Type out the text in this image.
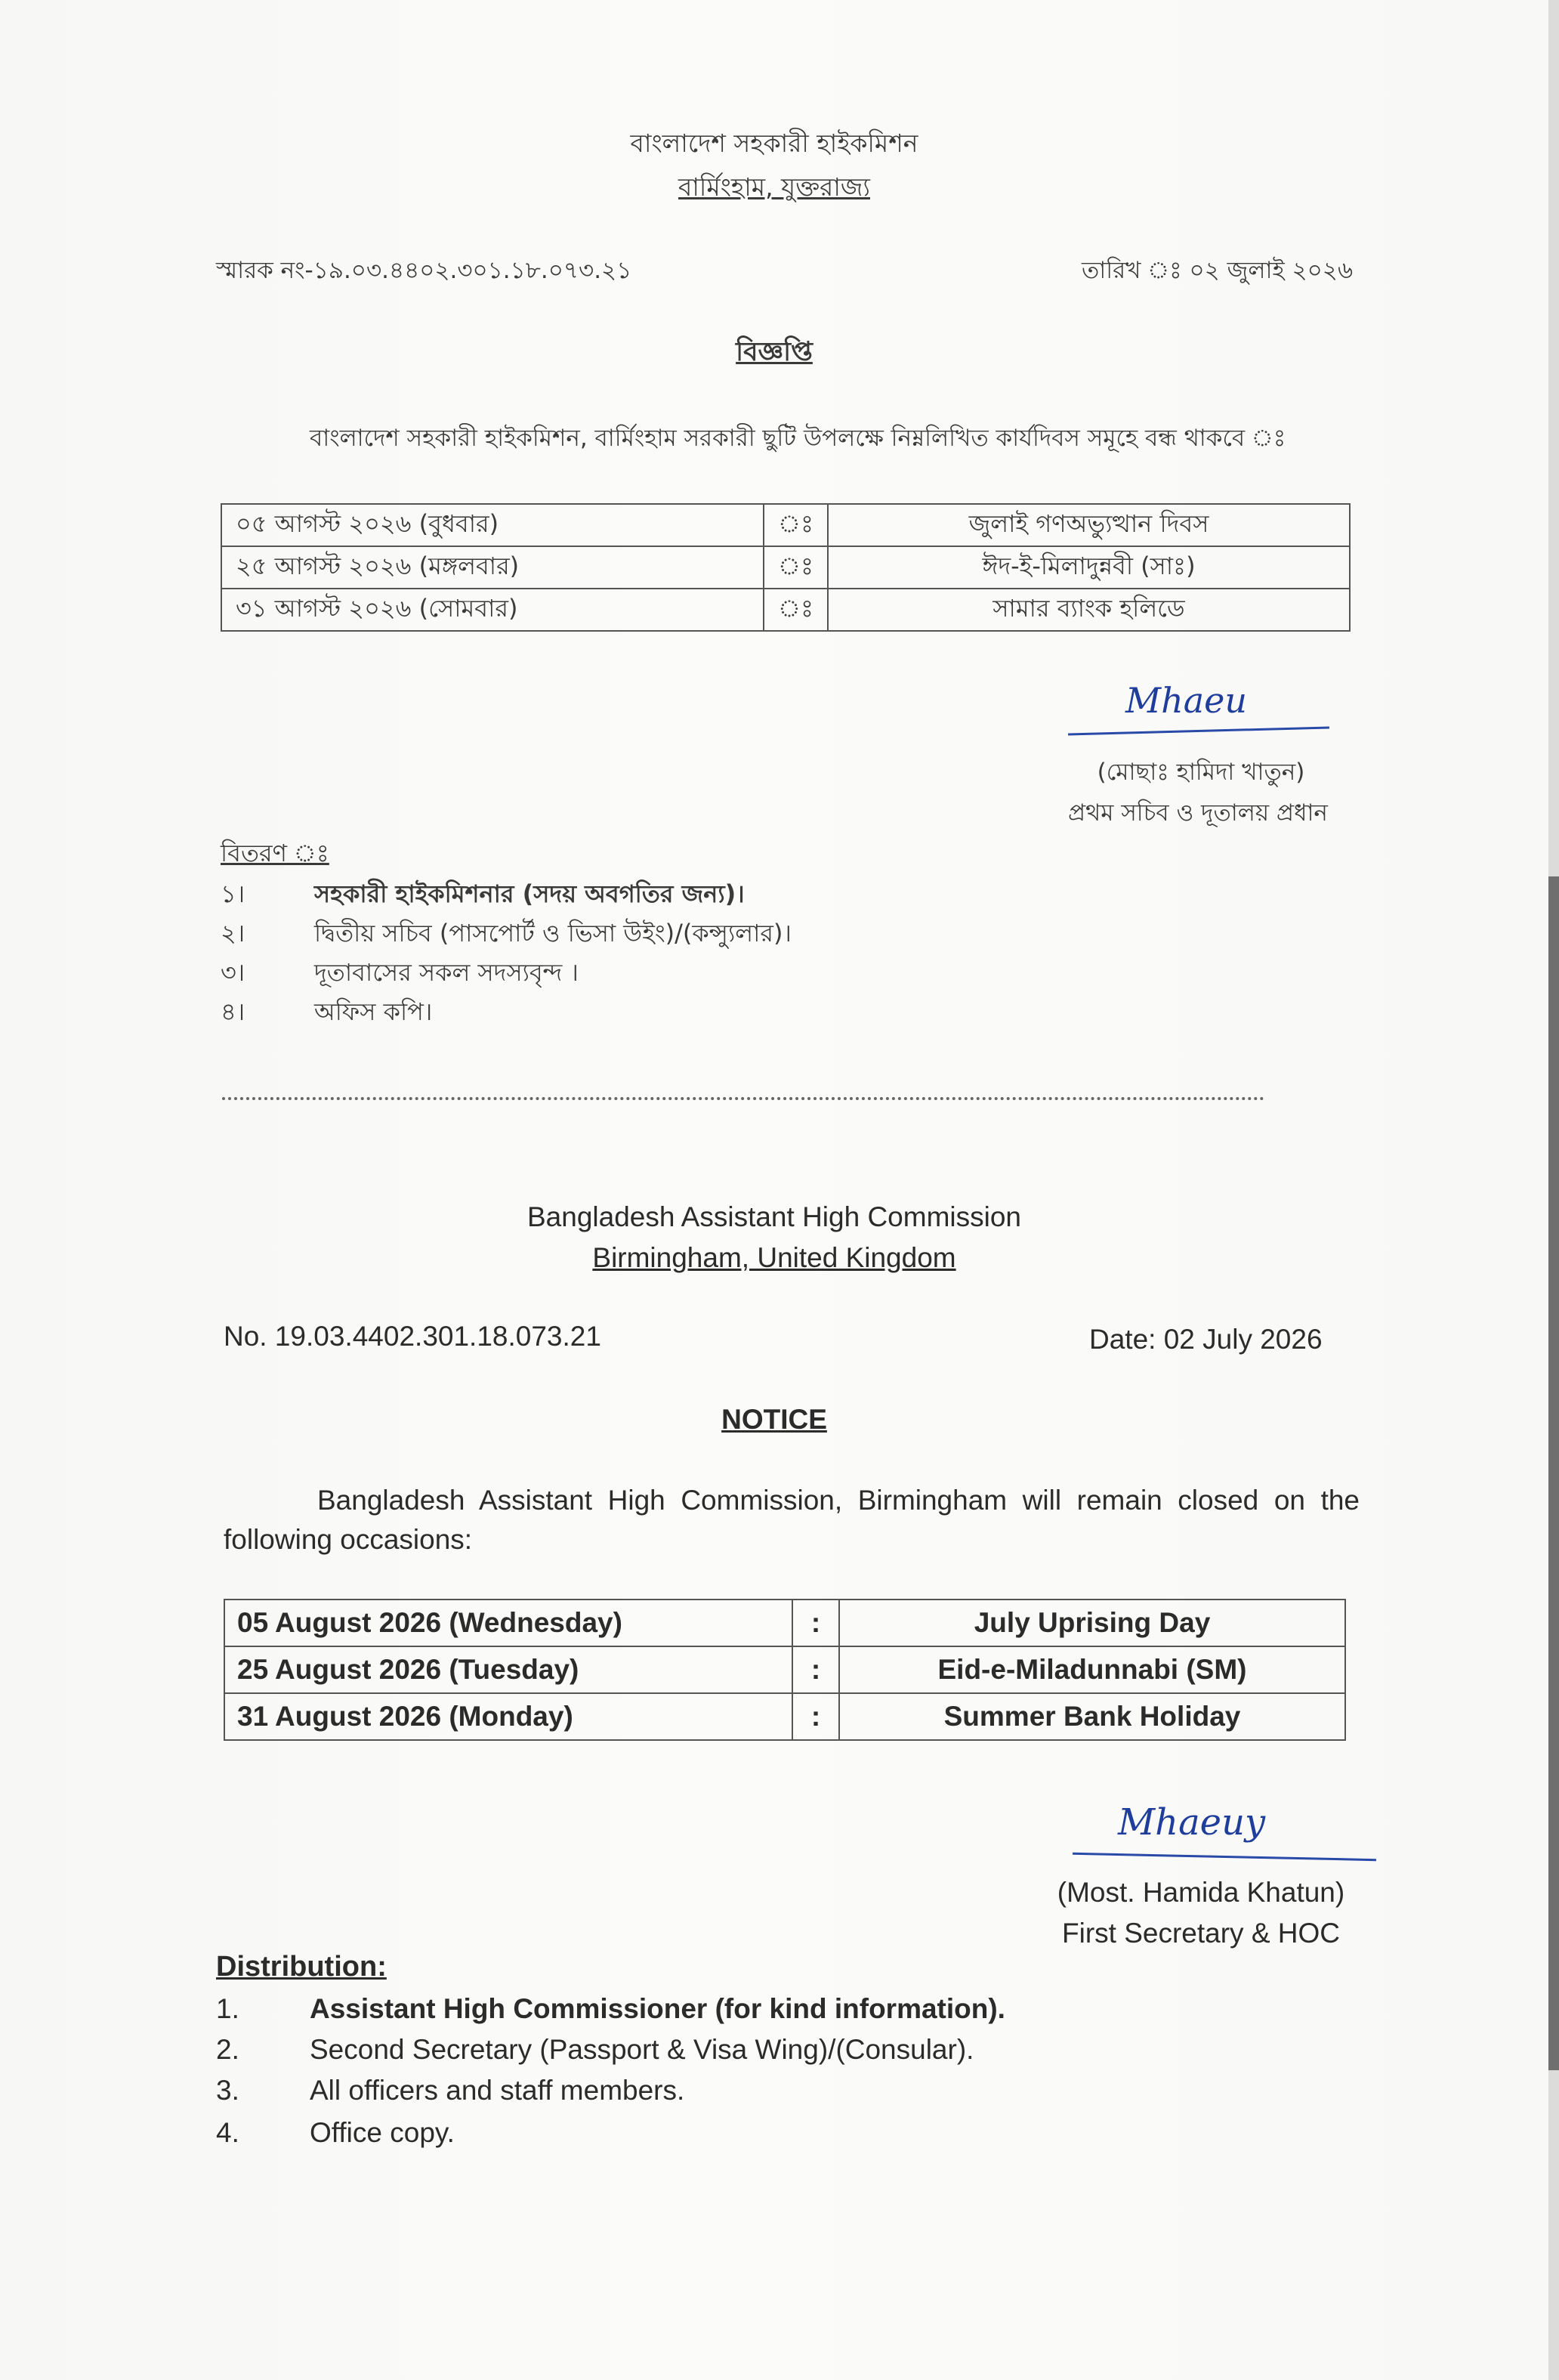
বাংলাদেশ সহকারী হাইকমিশন
বার্মিংহাম, যুক্তরাজ্য
স্মারক নং-১৯.০৩.৪৪০২.৩০১.১৮.০৭৩.২১	তারিখ ঃ ০২ জুলাই ২০২৬
বিজ্ঞপ্তি
বাংলাদেশ সহকারী হাইকমিশন, বার্মিংহাম সরকারী ছুটি উপলক্ষে নিম্নলিখিত কার্যদিবস সমূহে বন্ধ থাকবে ঃ
০৫ আগস্ট ২০২৬ (বুধবার)	ঃ	জুলাই গণঅভ্যুত্থান দিবস
২৫ আগস্ট ২০২৬ (মঙ্গলবার)	ঃ	ঈদ-ই-মিলাদুন্নবী (সাঃ)
৩১ আগস্ট ২০২৬ (সোমবার)	ঃ	সামার ব্যাংক হলিডে
Mhaeu
(মোছাঃ হামিদা খাতুন)
প্রথম সচিব ও দূতালয় প্রধান
বিতরণ ঃ
১।	সহকারী হাইকমিশনার (সদয় অবগতির জন্য)।
২।	দ্বিতীয় সচিব (পাসপোর্ট ও ভিসা উইং)/(কন্স্যুলার)।
৩।	দূতাবাসের সকল সদস্যবৃন্দ ।
৪।	অফিস কপি।
Bangladesh Assistant High Commission
Birmingham, United Kingdom
No. 19.03.4402.301.18.073.21	Date: 02 July 2026
NOTICE
Bangladesh Assistant High Commission, Birmingham will remain closed on the following occasions:
05 August 2026 (Wednesday)	:	July Uprising Day
25 August 2026 (Tuesday)	:	Eid-e-Miladunnabi (SM)
31 August 2026 (Monday)	:	Summer Bank Holiday
Mhaeuy
(Most. Hamida Khatun)
First Secretary & HOC
Distribution:
1.	Assistant High Commissioner (for kind information).
2.	Second Secretary (Passport & Visa Wing)/(Consular).
3.	All officers and staff members.
4.	Office copy.
